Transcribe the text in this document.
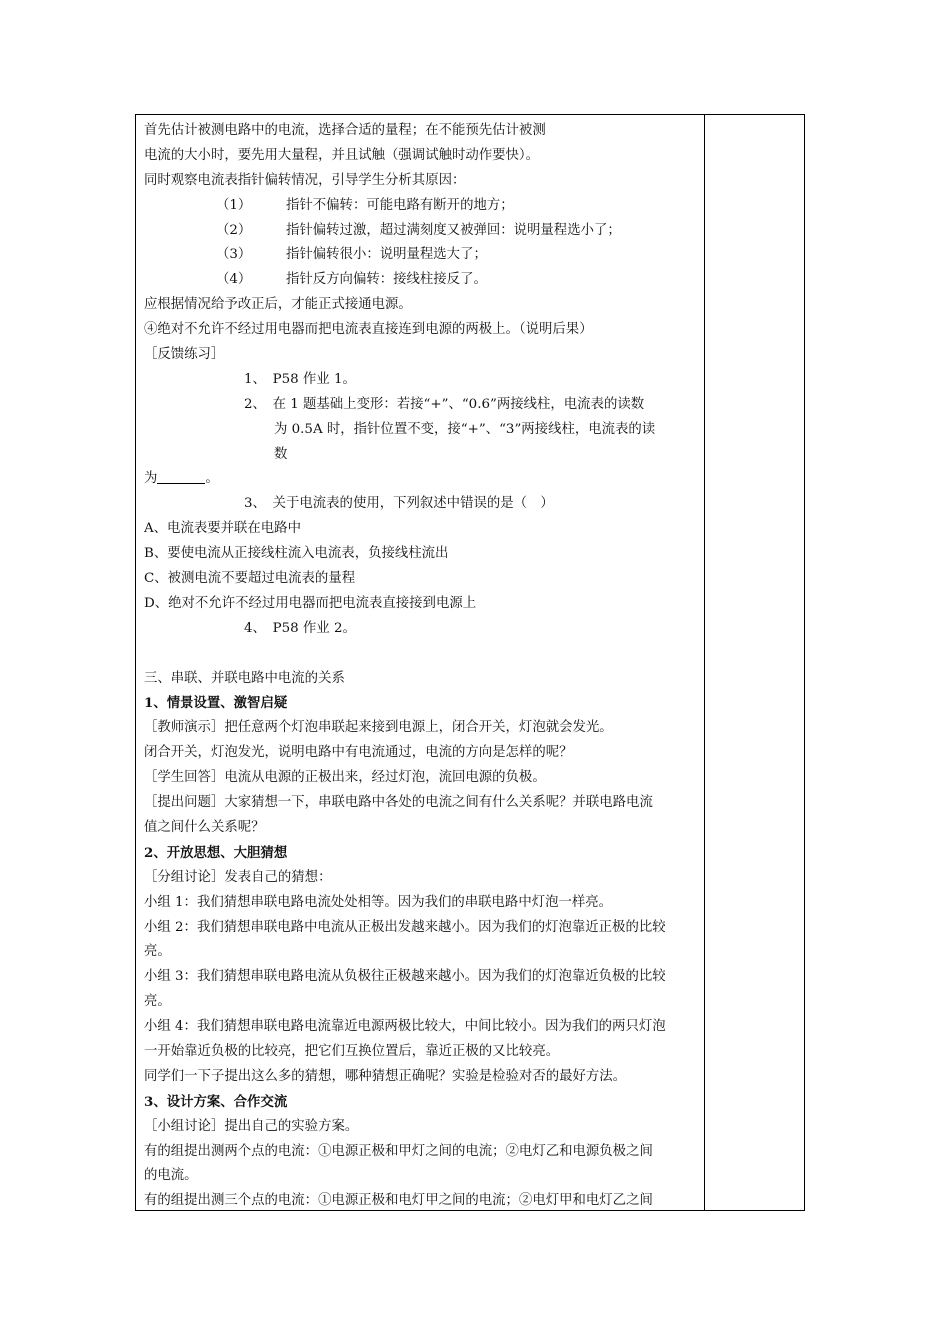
首先估计被测电路中的电流，选择合适的量程；在不能预先估计被测
电流的大小时，要先用大量程，并且试触（强调试触时动作要快）。
同时观察电流表指针偏转情况，引导学生分析其原因：
（1）	指针不偏转：可能电路有断开的地方；
（2）	指针偏转过激，超过满刻度又被弹回：说明量程选小了；
（3）	指针偏转很小：说明量程选大了；
（4）	指针反方向偏转：接线柱接反了。
应根据情况给予改正后，才能正式接通电源。
④绝对不允许不经过用电器而把电流表直接连到电源的两极上。（说明后果）
［反馈练习］
1、　P58 作业 1。
2、　在 1 题基础上变形：若接“+”、“0.6”两接线柱，电流表的读数
为 0.5A 时，指针位置不变，接“+”、“3”两接线柱，电流表的读
数
为	。
3、　关于电流表的使用，下列叙述中错误的是（　）
A、电流表要并联在电路中
B、要使电流从正接线柱流入电流表，负接线柱流出
C、被测电流不要超过电流表的量程
D、绝对不允许不经过用电器而把电流表直接接到电源上
4、　P58 作业 2。
三、串联、并联电路中电流的关系
1、情景设置、激智启疑
［教师演示］把任意两个灯泡串联起来接到电源上，闭合开关，灯泡就会发光。
闭合开关，灯泡发光，说明电路中有电流通过，电流的方向是怎样的呢？
［学生回答］电流从电源的正极出来，经过灯泡，流回电源的负极。
［提出问题］大家猜想一下，串联电路中各处的电流之间有什么关系呢？并联电路电流
值之间什么关系呢？
2、开放思想、大胆猜想
［分组讨论］发表自己的猜想：
小组 1：我们猜想串联电路电流处处相等。因为我们的串联电路中灯泡一样亮。
小组 2：我们猜想串联电路中电流从正极出发越来越小。因为我们的灯泡靠近正极的比较
亮。
小组 3：我们猜想串联电路电流从负极往正极越来越小。因为我们的灯泡靠近负极的比较
亮。
小组 4：我们猜想串联电路电流靠近电源两极比较大，中间比较小。因为我们的两只灯泡
一开始靠近负极的比较亮，把它们互换位置后，靠近正极的又比较亮。
同学们一下子提出这么多的猜想，哪种猜想正确呢？实验是检验对否的最好方法。
3、设计方案、合作交流
［小组讨论］提出自己的实验方案。
有的组提出测两个点的电流：①电源正极和甲灯之间的电流；②电灯乙和电源负极之间
的电流。
有的组提出测三个点的电流：①电源正极和电灯甲之间的电流；②电灯甲和电灯乙之间
